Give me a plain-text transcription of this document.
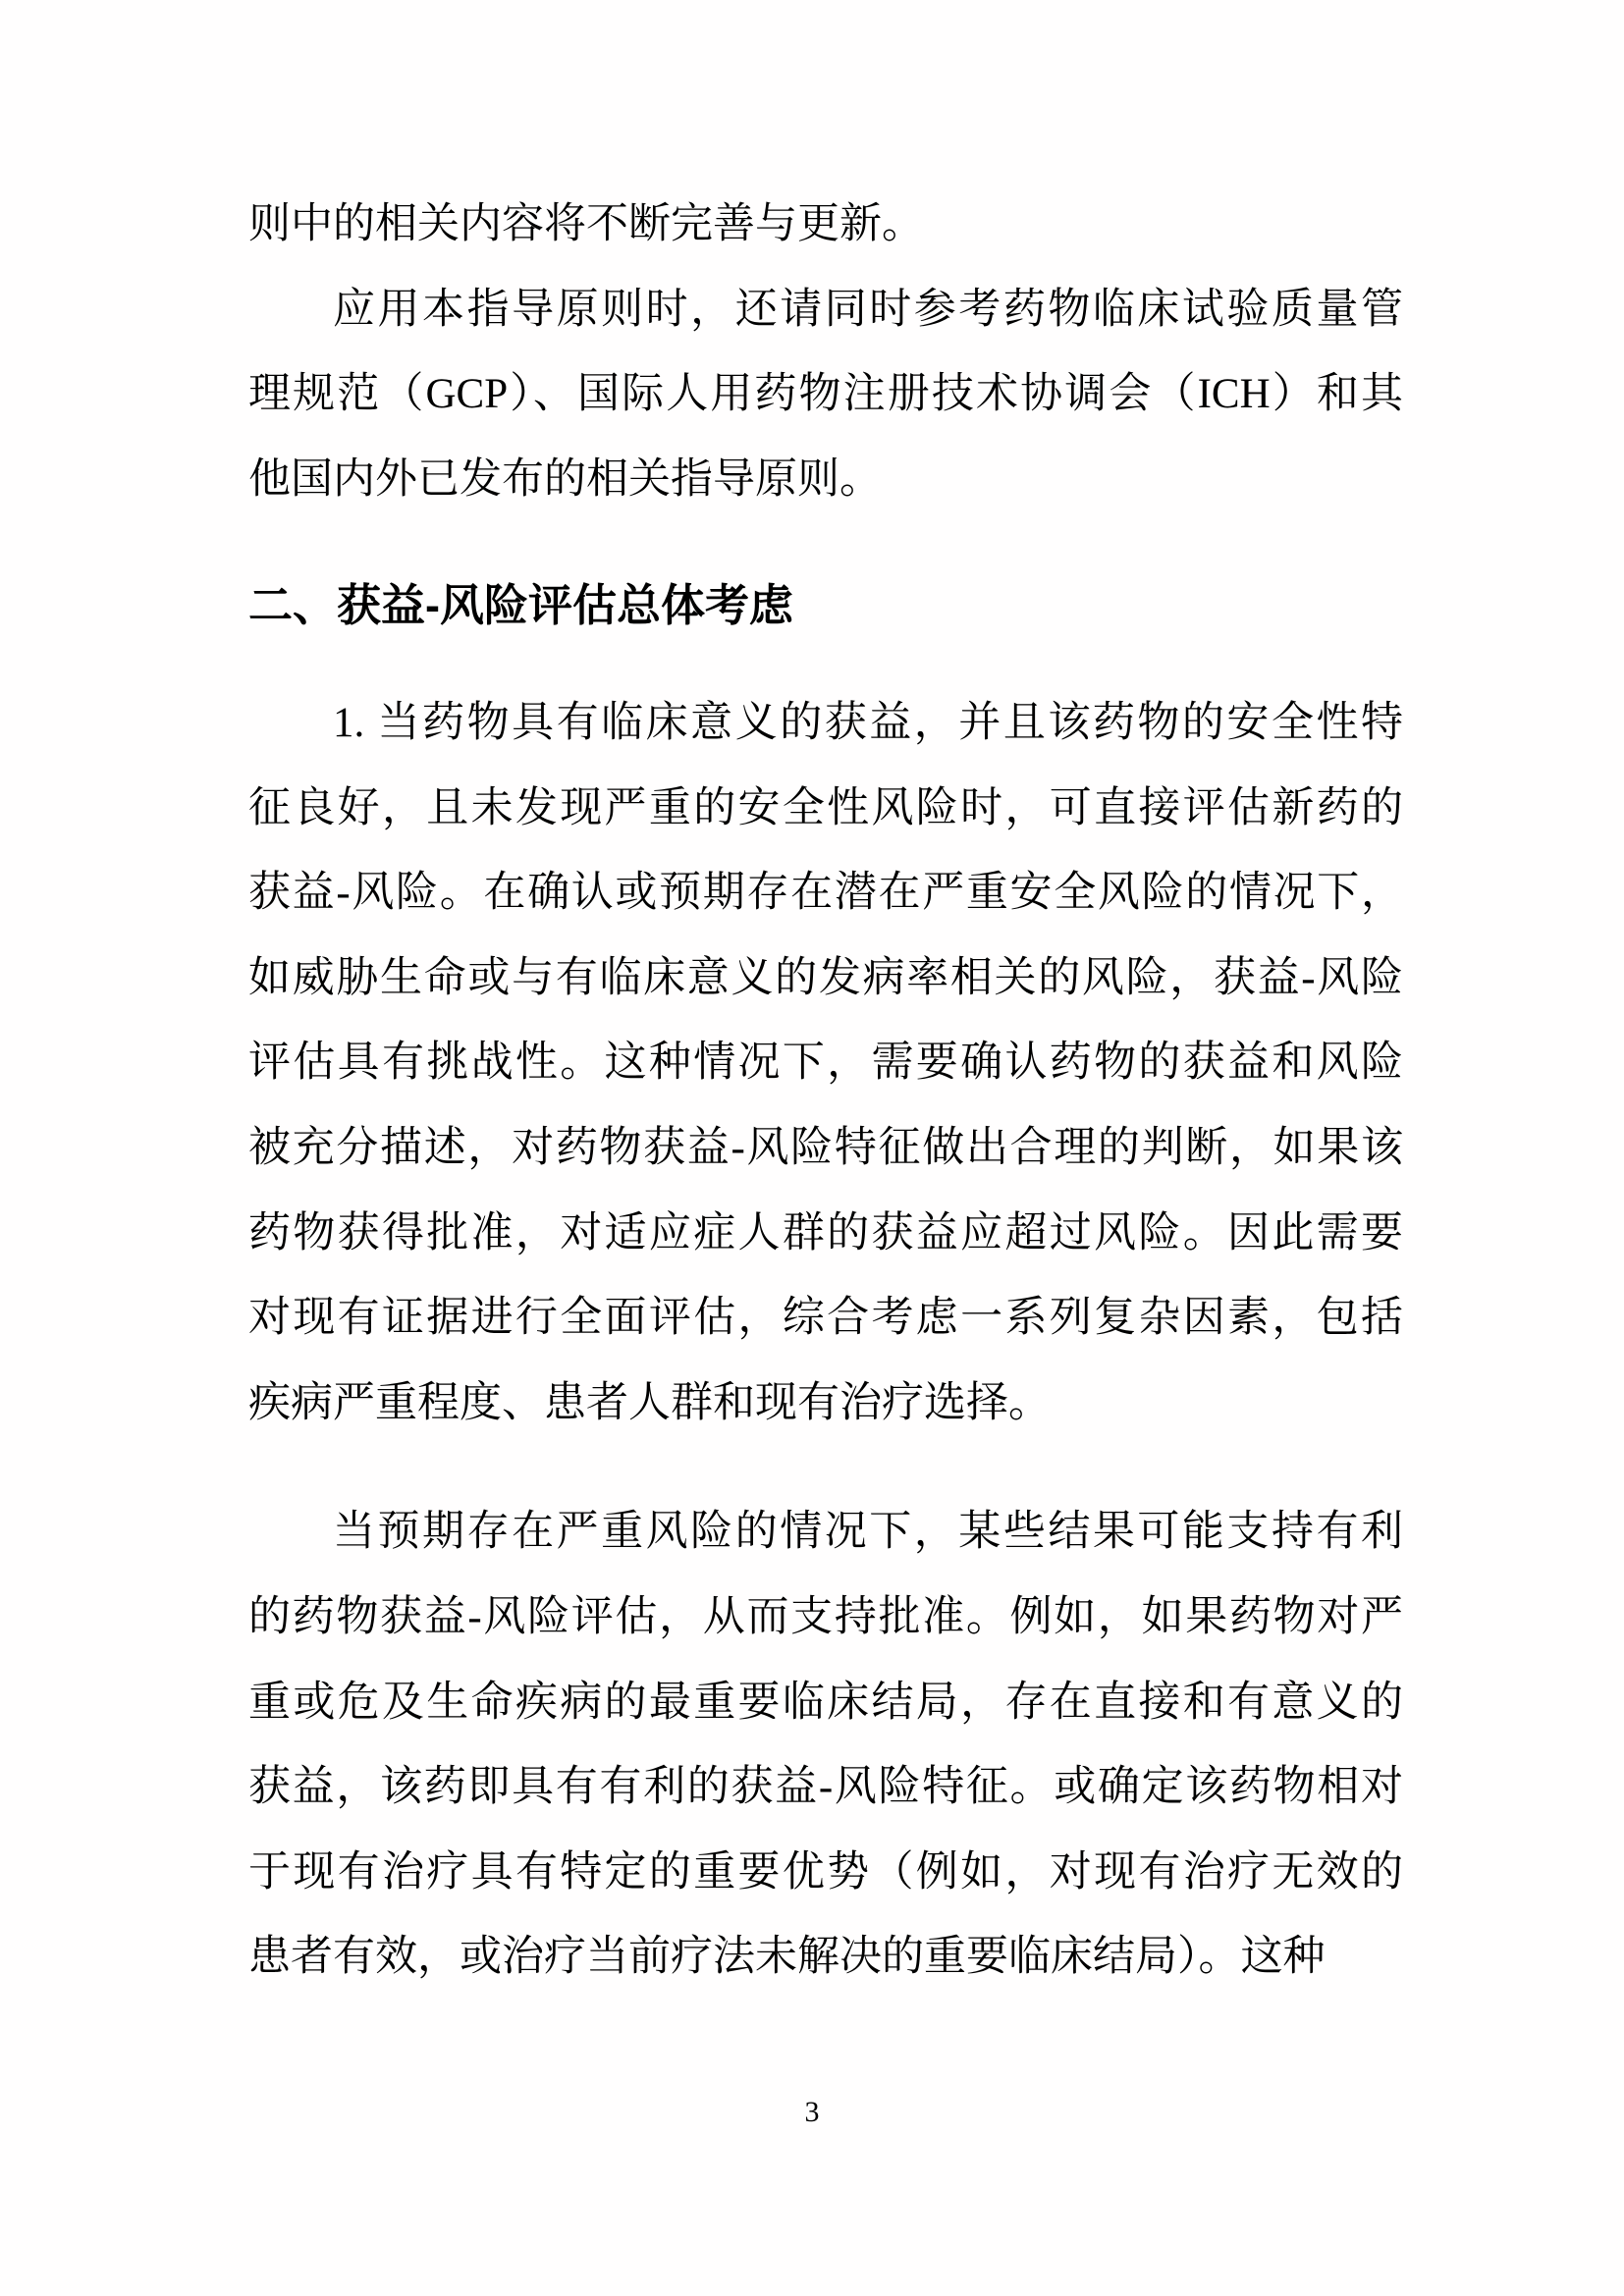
则中的相关内容将不断完善与更新。

应用本指导原则时，还请同时参考药物临床试验质量管
理规范（GCP）、国际人用药物注册技术协调会（ICH）和其
他国内外已发布的相关指导原则。

二、获益-风险评估总体考虑

1. 当药物具有临床意义的获益，并且该药物的安全性特
征良好，且未发现严重的安全性风险时，可直接评估新药的
获益-风险。在确认或预期存在潜在严重安全风险的情况下，
如威胁生命或与有临床意义的发病率相关的风险，获益-风险
评估具有挑战性。这种情况下，需要确认药物的获益和风险
被充分描述，对药物获益-风险特征做出合理的判断，如果该
药物获得批准，对适应症人群的获益应超过风险。因此需要
对现有证据进行全面评估，综合考虑一系列复杂因素，包括
疾病严重程度、患者人群和现有治疗选择。

当预期存在严重风险的情况下，某些结果可能支持有利
的药物获益-风险评估，从而支持批准。例如，如果药物对严
重或危及生命疾病的最重要临床结局，存在直接和有意义的
获益，该药即具有有利的获益-风险特征。或确定该药物相对
于现有治疗具有特定的重要优势（例如，对现有治疗无效的
患者有效，或治疗当前疗法未解决的重要临床结局）。这种

3
